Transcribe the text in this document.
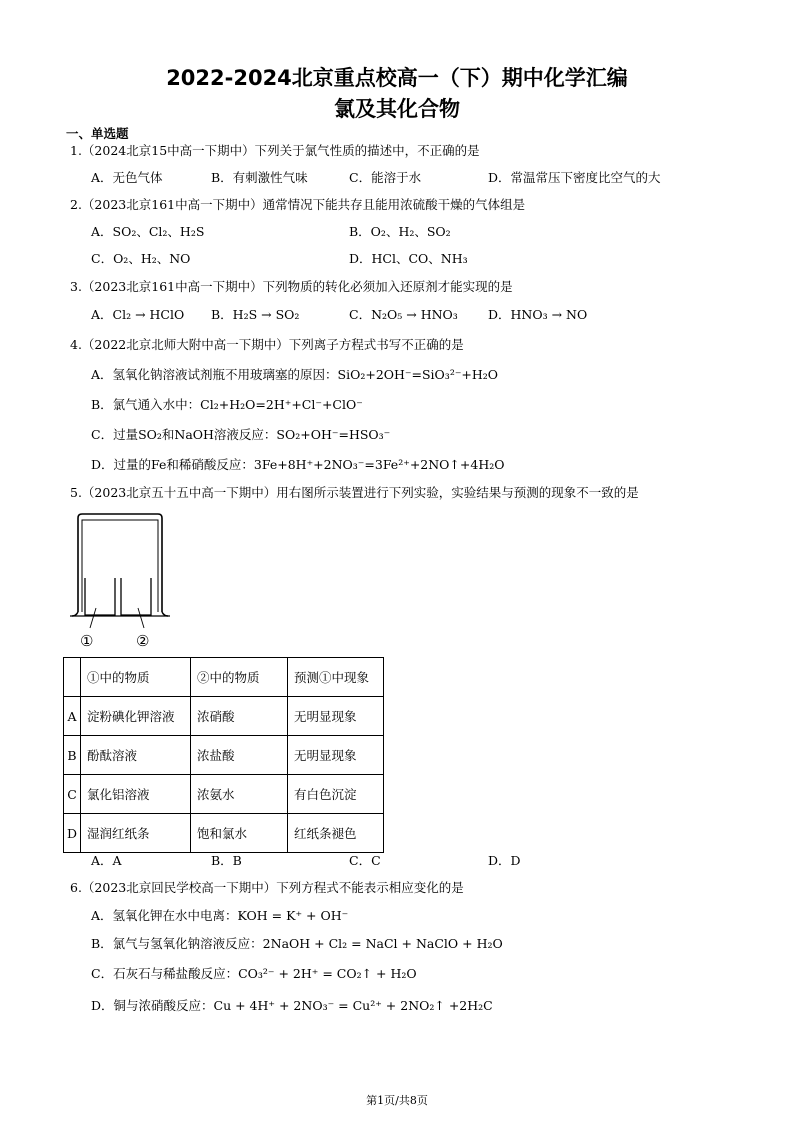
2022-2024北京重点校高一（下）期中化学汇编
氯及其化合物
一、单选题
1.（2024北京15中高一下期中）下列关于氯气性质的描述中，不正确的是
A．无色气体	B．有刺激性气味	C．能溶于水	D．常温常压下密度比空气的大
2.（2023北京161中高一下期中）通常情况下能共存且能用浓硫酸干燥的气体组是
A．SO₂、Cl₂、H₂S	B．O₂、H₂、SO₂
C．O₂、H₂、NO	D．HCl、CO、NH₃
3.（2023北京161中高一下期中）下列物质的转化必须加入还原剂才能实现的是
A．Cl₂ → HClO B．H₂S → SO₂	C．N₂O₅ → HNO₃ D．HNO₃ → NO
4.（2022北京北师大附中高一下期中）下列离子方程式书写不正确的是
A．氢氧化钠溶液试剂瓶不用玻璃塞的原因：SiO₂+2OH⁻=SiO₃²⁻+H₂O
B．氯气通入水中：Cl₂+H₂O=2H⁺+Cl⁻+ClO⁻
C．过量SO₂和NaOH溶液反应：SO₂+OH⁻=HSO₃⁻
D．过量的Fe和稀硝酸反应：3Fe+8H⁺+2NO₃⁻=3Fe²⁺+2NO↑+4H₂O
5.（2023北京五十五中高一下期中）用右图所示装置进行下列实验，实验结果与预测的现象不一致的是
①	②
	①中的物质	②中的物质	预测①中现象
A	淀粉碘化钾溶液	浓硝酸	无明显现象
B	酚酞溶液	浓盐酸	无明显现象
C	氯化铝溶液	浓氨水	有白色沉淀
D	湿润红纸条	饱和氯水	红纸条褪色
A．A	B．B	C．C	D．D
6.（2023北京回民学校高一下期中）下列方程式不能表示相应变化的是
A．氢氧化钾在水中电离：KOH = K⁺ + OH⁻
B．氯气与氢氧化钠溶液反应：2NaOH + Cl₂ = NaCl + NaClO + H₂O
C．石灰石与稀盐酸反应：CO₃²⁻ + 2H⁺ = CO₂↑ + H₂O
D．铜与浓硝酸反应：Cu + 4H⁺ + 2NO₃⁻ = Cu²⁺ + 2NO₂↑ +2H₂C
第1页/共8页
